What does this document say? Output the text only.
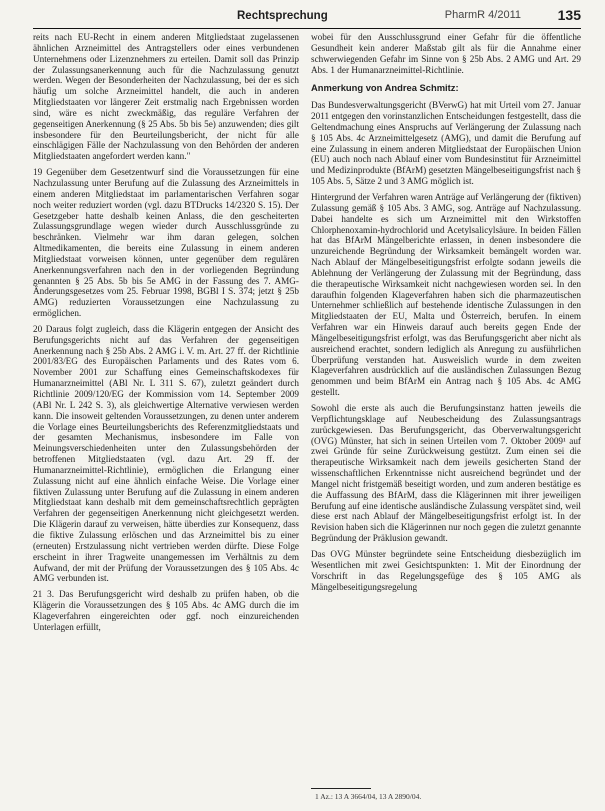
Rechtsprechung	PharmR 4/2011	135

reits nach EU-Recht in einem anderen Mitgliedstaat zugelassenen ähnlichen Arzneimittel des Antragstellers oder eines verbundenen Unternehmens oder Lizenznehmers zu erteilen. Damit soll das Prinzip der Zulassungsanerkennung auch für die Nachzulassung genutzt werden. Wegen der Besonderheiten der Nachzulassung, bei der es sich häufig um solche Arzneimittel handelt, die auch in anderen Mitgliedstaaten vor längerer Zeit erstmalig nach Ergebnissen worden sind, wäre es nicht zweckmäßig, das reguläre Verfahren der gegenseitigen Anerkennung (§ 25 Abs. 5b bis 5e) anzuwenden; dies gilt insbesondere für den Beurteilungsbericht, der nicht für alle einschlägigen Fälle der Nachzulassung von den Behörden der anderen Mitgliedstaaten angefordert werden kann."

19 Gegenüber dem Gesetzentwurf sind die Voraussetzungen für eine Nachzulassung unter Berufung auf die Zulassung des Arzneimittels in einem anderen Mitgliedstaat im parlamentarischen Verfahren sogar noch weiter reduziert worden (vgl. dazu BTDrucks 14/2320 S. 15). Der Gesetzgeber hatte deshalb keinen Anlass, die den gescheiterten Zulassungsgrundlage wegen wieder durch Ausschlussgründe zu beschränken. Vielmehr war ihm daran gelegen, solchen Altmedikamenten, die bereits eine Zulassung in einem anderen Mitgliedstaat vorweisen können, unter gegenüber dem regulären Anerkennungsverfahren nach den in der vorliegenden Begründung genannten § 25 Abs. 5b bis 5e AMG in der Fassung des 7. AMG-Änderungsgesetzes vom 25. Februar 1998, BGBl I S. 374; jetzt § 25b AMG) reduzierten Voraussetzungen eine Nachzulassung zu ermöglichen.

20 Daraus folgt zugleich, dass die Klägerin entgegen der Ansicht des Berufungsgerichts nicht auf das Verfahren der gegenseitigen Anerkennung nach § 25b Abs. 2 AMG i. V. m. Art. 27 ff. der Richtlinie 2001/83/EG des Europäischen Parlaments und des Rates vom 6. November 2001 zur Schaffung eines Gemeinschaftskodexes für Humanarzneimittel (ABl Nr. L 311 S. 67), zuletzt geändert durch Richtlinie 2009/120/EG der Kommission vom 14. September 2009 (ABl Nr. L 242 S. 3), als gleichwertige Alternative verwiesen werden kann. Die insoweit geltenden Voraussetzungen, zu denen unter anderem die Vorlage eines Beurteilungsberichts des Referenzmitgliedstaats und der gesamten Mechanismus, insbesondere im Falle von Meinungsverschiedenheiten unter den Zulassungsbehörden der betroffenen Mitgliedstaaten (vgl. dazu Art. 29 ff. der Humanarzneimittel-Richtlinie), ermöglichen die Erlangung einer Zulassung nicht auf eine ähnlich einfache Weise. Die Vorlage einer fiktiven Zulassung unter Berufung auf die Zulassung in einem anderen Mitgliedstaat kann deshalb mit dem gemeinschaftsrechtlich geprägten Verfahren der gegenseitigen Anerkennung nicht gleichgesetzt werden. Die Klägerin darauf zu verweisen, hätte überdies zur Konsequenz, dass die fiktive Zulassung erlöschen und das Arzneimittel bis zu einer (erneuten) Erstzulassung nicht vertrieben werden dürfte. Diese Folge erscheint in ihrer Tragweite unangemessen im Verhältnis zu dem Aufwand, der mit der Prüfung der Voraussetzungen des § 105 Abs. 4c AMG verbunden ist.

21 3. Das Berufungsgericht wird deshalb zu prüfen haben, ob die Klägerin die Voraussetzungen des § 105 Abs. 4c AMG durch die im Klageverfahren eingereichten oder ggf. noch einzureichenden Unterlagen erfüllt,

wobei für den Ausschlussgrund einer Gefahr für die öffentliche Gesundheit kein anderer Maßstab gilt als für die Annahme einer schwerwiegenden Gefahr im Sinne von § 25b Abs. 2 AMG und Art. 29 Abs. 1 der Humanarzneimittel-Richtlinie.

Anmerkung von Andrea Schmitz:

Das Bundesverwaltungsgericht (BVerwG) hat mit Urteil vom 27. Januar 2011 entgegen den vorinstanzlichen Entscheidungen festgestellt, dass die Geltendmachung eines Anspruchs auf Verlängerung der Zulassung nach § 105 Abs. 4c Arzneimittelgesetz (AMG), und damit die Berufung auf eine Zulassung in einem anderen Mitgliedstaat der Europäischen Union (EU) auch noch nach Ablauf einer vom Bundesinstitut für Arzneimittel und Medizinprodukte (BfArM) gesetzten Mängelbeseitigungsfrist nach § 105 Abs. 5, Sätze 2 und 3 AMG möglich ist.

Hintergrund der Verfahren waren Anträge auf Verlängerung der (fiktiven) Zulassung gemäß § 105 Abs. 3 AMG, sog. Anträge auf Nachzulassung. Dabei handelte es sich um Arzneimittel mit den Wirkstoffen Chlorphenoxamin-hydrochlorid und Acetylsalicylsäure. In beiden Fällen hat das BfArM Mängelberichte erlassen, in denen insbesondere die unzureichende Begründung der Wirksamkeit bemängelt worden war. Nach Ablauf der Mängelbeseitigungsfrist erfolgte sodann jeweils die Ablehnung der Verlängerung der Zulassung mit der Begründung, dass die therapeutische Wirksamkeit nicht nachgewiesen worden sei. In den daraufhin folgenden Klageverfahren haben sich die pharmazeutischen Unternehmer schließlich auf bestehende identische Zulassungen in den Mitgliedstaaten der EU, Malta und Österreich, berufen. In einem Verfahren war ein Hinweis darauf auch bereits gegen Ende der Mängelbeseitigungsfrist erfolgt, was das Berufungsgericht aber nicht als ausreichend erachtet, sondern lediglich als Anregung zu ausführlichen Überprüfung verstanden hat. Ausweislich wurde in dem zweiten Klageverfahren ausdrücklich auf die ausländischen Zulassungen Bezug genommen und beim BfArM ein Antrag nach § 105 Abs. 4c AMG gestellt.

Sowohl die erste als auch die Berufungsinstanz hatten jeweils die Verpflichtungsklage auf Neubescheidung des Zulassungsantrags zurückgewiesen. Das Berufungsgericht, das Oberverwaltungsgericht (OVG) Münster, hat sich in seinen Urteilen vom 7. Oktober 2009¹ auf zwei Gründe für seine Zurückweisung gestützt. Zum einen sei die therapeutische Wirksamkeit nach dem jeweils gesicherten Stand der wissenschaftlichen Erkenntnisse nicht ausreichend begründet und der Mangel nicht fristgemäß beseitigt worden, und zum anderen bestätige es die Auffassung des BfArM, dass die Klägerinnen mit ihrer jeweiligen Berufung auf eine identische ausländische Zulassung verspätet sind, weil diese erst nach Ablauf der Mängelbeseitigungsfrist erfolgt ist. In der Revision haben sich die Klägerinnen nur noch gegen die zuletzt genannte Begründung der Präklusion gewandt.

Das OVG Münster begründete seine Entscheidung diesbezüglich im Wesentlichen mit zwei Gesichtspunkten: 1. Mit der Einordnung der Vorschrift in das Regelungsgefüge des § 105 AMG als Mängelbeseitigungsregelung

1 Az.: 13 A 3664/04, 13 A 2890/04.
